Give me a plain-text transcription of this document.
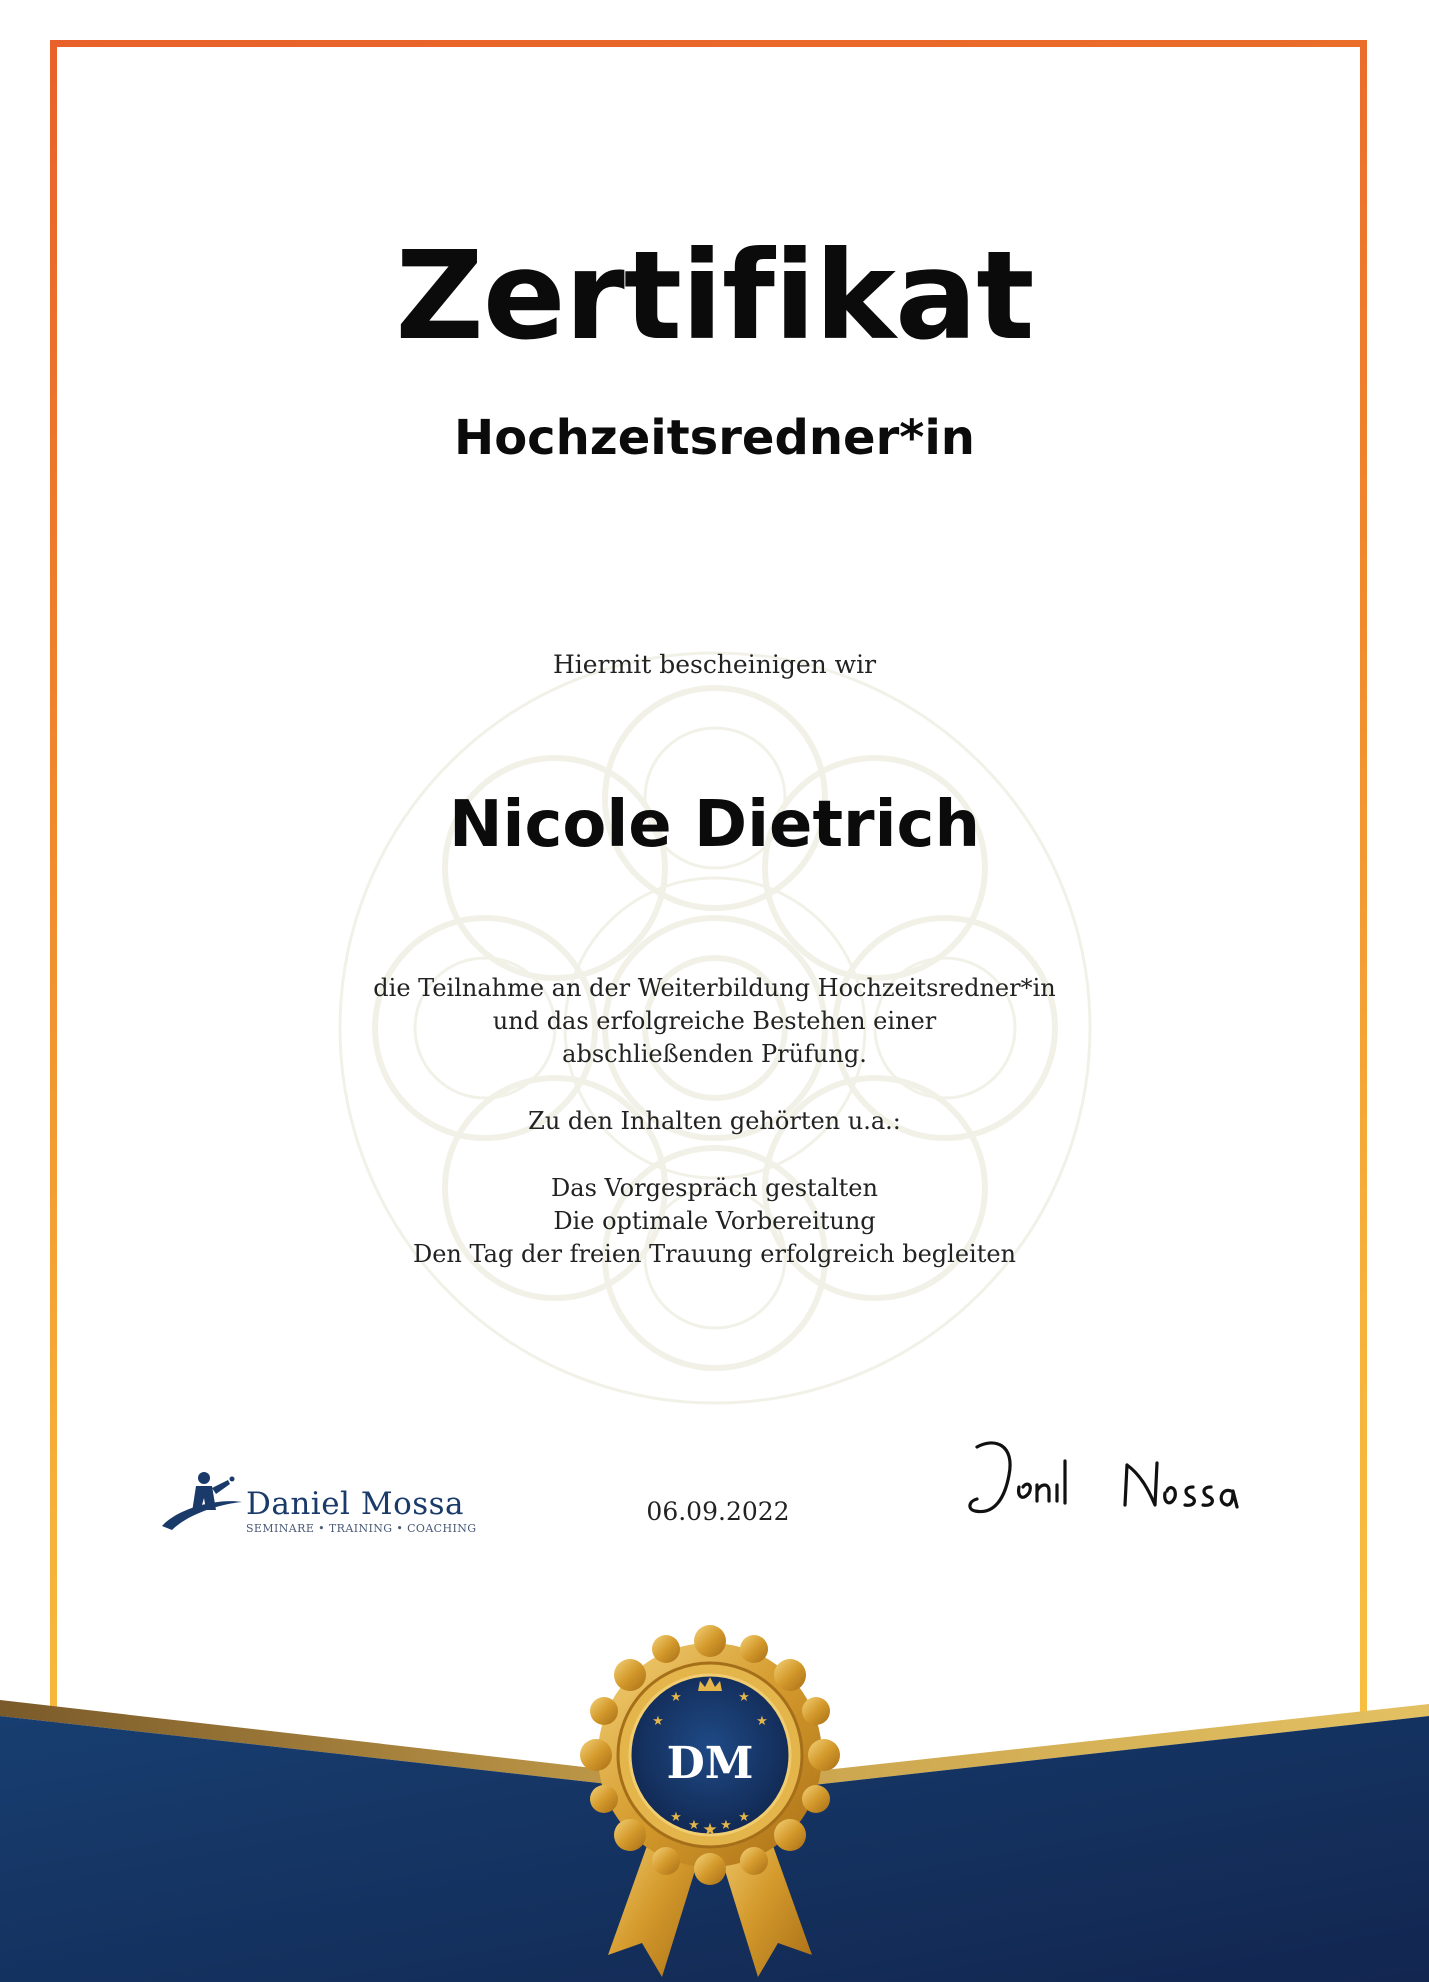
Zertifikat
Hochzeitsredner*in
Hiermit bescheinigen wir
Nicole Dietrich
die Teilnahme an der Weiterbildung Hochzeitsredner*in
und das erfolgreiche Bestehen einer
abschließenden Prüfung.
Zu den Inhalten gehörten u.a.:
Das Vorgespräch gestalten
Die optimale Vorbereitung
Den Tag der freien Trauung erfolgreich begleiten
Daniel Mossa
SEMINARE • TRAINING • COACHING
06.09.2022
★	★
★	★
★	★
★ ★
★
DM
